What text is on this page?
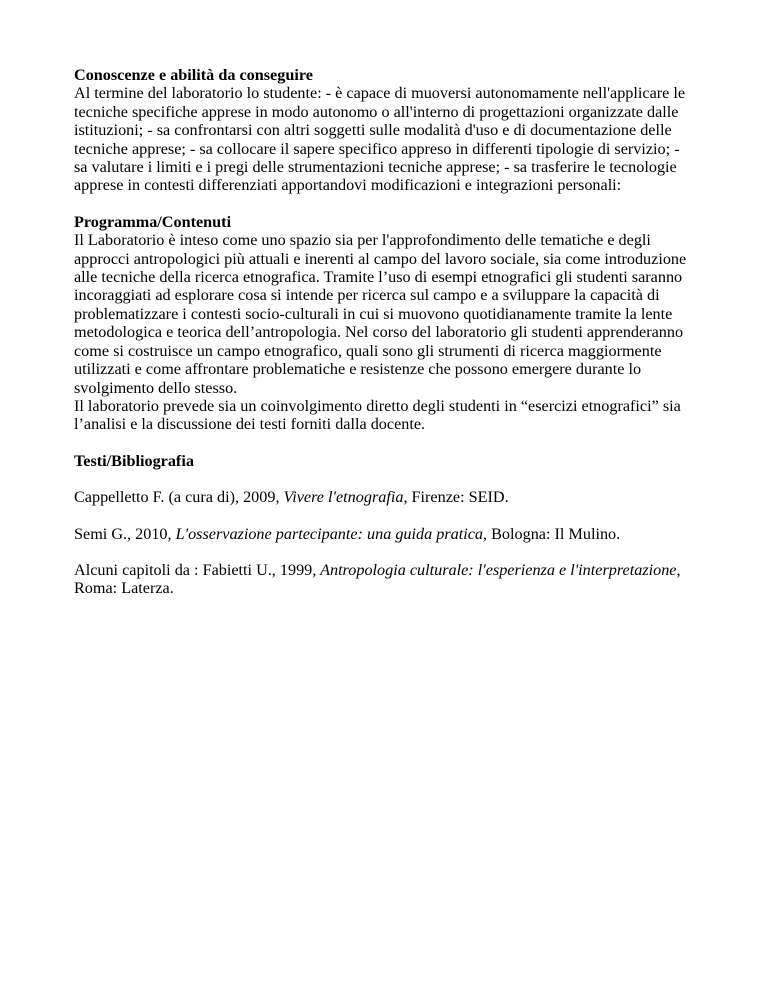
Conoscenze e abilità da conseguire
Al termine del laboratorio lo studente: - è capace di muoversi autonomamente nell'applicare le tecniche specifiche apprese in modo autonomo o all'interno di progettazioni organizzate dalle istituzioni; - sa confrontarsi con altri soggetti sulle modalità d'uso e di documentazione delle tecniche apprese; - sa collocare il sapere specifico appreso in differenti tipologie di servizio; - sa valutare i limiti e i pregi delle strumentazioni tecniche apprese; - sa trasferire le tecnologie apprese in contesti differenziati apportandovi modificazioni e integrazioni personali:
Programma/Contenuti
Il Laboratorio è inteso come uno spazio sia per l'approfondimento delle tematiche e degli approcci antropologici più attuali e inerenti al campo del lavoro sociale, sia come introduzione alle tecniche della ricerca etnografica. Tramite l’uso di esempi etnografici gli studenti saranno incoraggiati ad esplorare cosa si intende per ricerca sul campo e a sviluppare la capacità di problematizzare i contesti socio-culturali in cui si muovono quotidianamente tramite la lente metodologica e teorica dell’antropologia. Nel corso del laboratorio gli studenti apprenderanno come si costruisce un campo etnografico, quali sono gli strumenti di ricerca maggiormente utilizzati e come affrontare problematiche e resistenze che possono emergere durante lo svolgimento dello stesso.
Il laboratorio prevede sia un coinvolgimento diretto degli studenti in “esercizi etnografici” sia l’analisi e la discussione dei testi forniti dalla docente.
Testi/Bibliografia
Cappelletto F. (a cura di), 2009, Vivere l'etnografia, Firenze: SEID.
Semi G., 2010, L'osservazione partecipante: una guida pratica, Bologna: Il Mulino.
Alcuni capitoli da : Fabietti U., 1999, Antropologia culturale: l'esperienza e l'interpretazione, Roma: Laterza.
